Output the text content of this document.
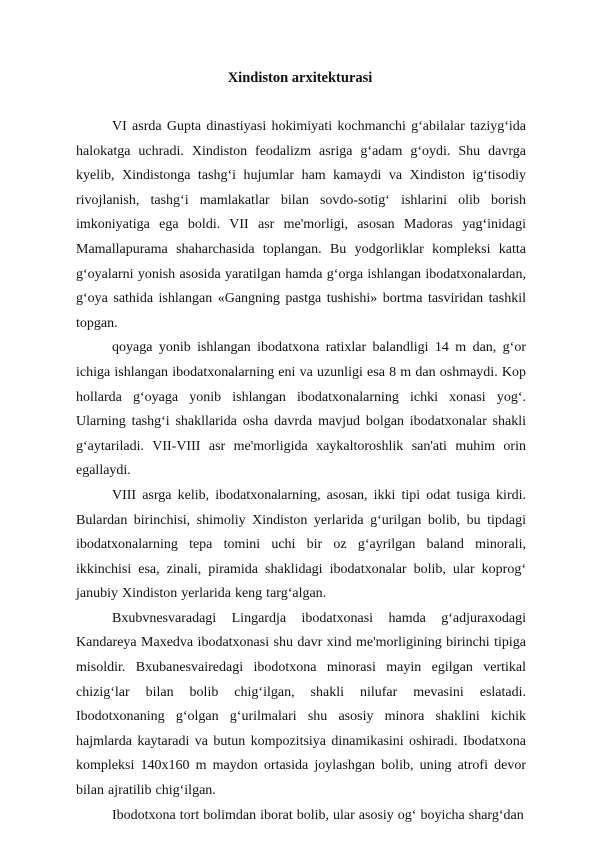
Xindiston arxitekturasi

VI asrda Gupta dinastiyasi hokimiyati kochmanchi g‘abilalar taziyg‘ida halokatga uchradi. Xindiston feodalizm asriga g‘adam g‘oydi. Shu davrga kyelib, Xindistonga tashg‘i hujumlar ham kamaydi va Xindiston ig‘tisodiy rivojlanish, tashg‘i mamlakatlar bilan sovdo-sotig‘ ishlarini olib borish imkoniyatiga ega boldi. VII asr me'morligi, asosan Madoras yag‘inidagi Mamallapurama shaharchasida toplangan. Bu yodgorliklar kompleksi katta g‘oyalarni yonish asosida yaratilgan hamda g‘orga ishlangan ibodatxonalardan, g‘oya sathida ishlangan «Gangning pastga tushishi» bortma tasviridan tashkil topgan.

qoyaga yonib ishlangan ibodatxona ratixlar balandligi 14 m dan, g‘or ichiga ishlangan ibodatxonalarning eni va uzunligi esa 8 m dan oshmaydi. Kop hollarda g‘oyaga yonib ishlangan ibodatxonalarning ichki xonasi yog‘. Ularning tashg‘i shakllarida osha davrda mavjud bolgan ibodatxonalar shakli g‘aytariladi. VII-VIII asr me'morligida xaykaltoroshlik san'ati muhim orin egallaydi.

VIII asrga kelib, ibodatxonalarning, asosan, ikki tipi odat tusiga kirdi. Bulardan birinchisi, shimoliy Xindiston yerlarida g‘urilgan bolib, bu tipdagi ibodatxonalarning tepa tomini uchi bir oz g‘ayrilgan baland minorali, ikkinchisi esa, zinali, piramida shaklidagi ibodatxonalar bolib, ular koprog‘ janubiy Xindiston yerlarida keng targ‘algan.

Bxubvnesvaradagi Lingardja ibodatxonasi hamda g‘adjuraxodagi Kandareya Maxedva ibodatxonasi shu davr xind me'morligining birinchi tipiga misoldir. Bxubanesvairedagi ibodotxona minorasi mayin egilgan vertikal chizig‘lar bilan bolib chig‘ilgan, shakli nilufar mevasini eslatadi. Ibodotxonaning g‘olgan g‘urilmalari shu asosiy minora shaklini kichik hajmlarda kaytaradi va butun kompozitsiya dinamikasini oshiradi. Ibodatxona kompleksi 140x160 m maydon ortasida joylashgan bolib, uning atrofi devor bilan ajratilib chig‘ilgan.

Ibodotxona tort bolimdan iborat bolib, ular asosiy og‘ boyicha sharg‘dan
